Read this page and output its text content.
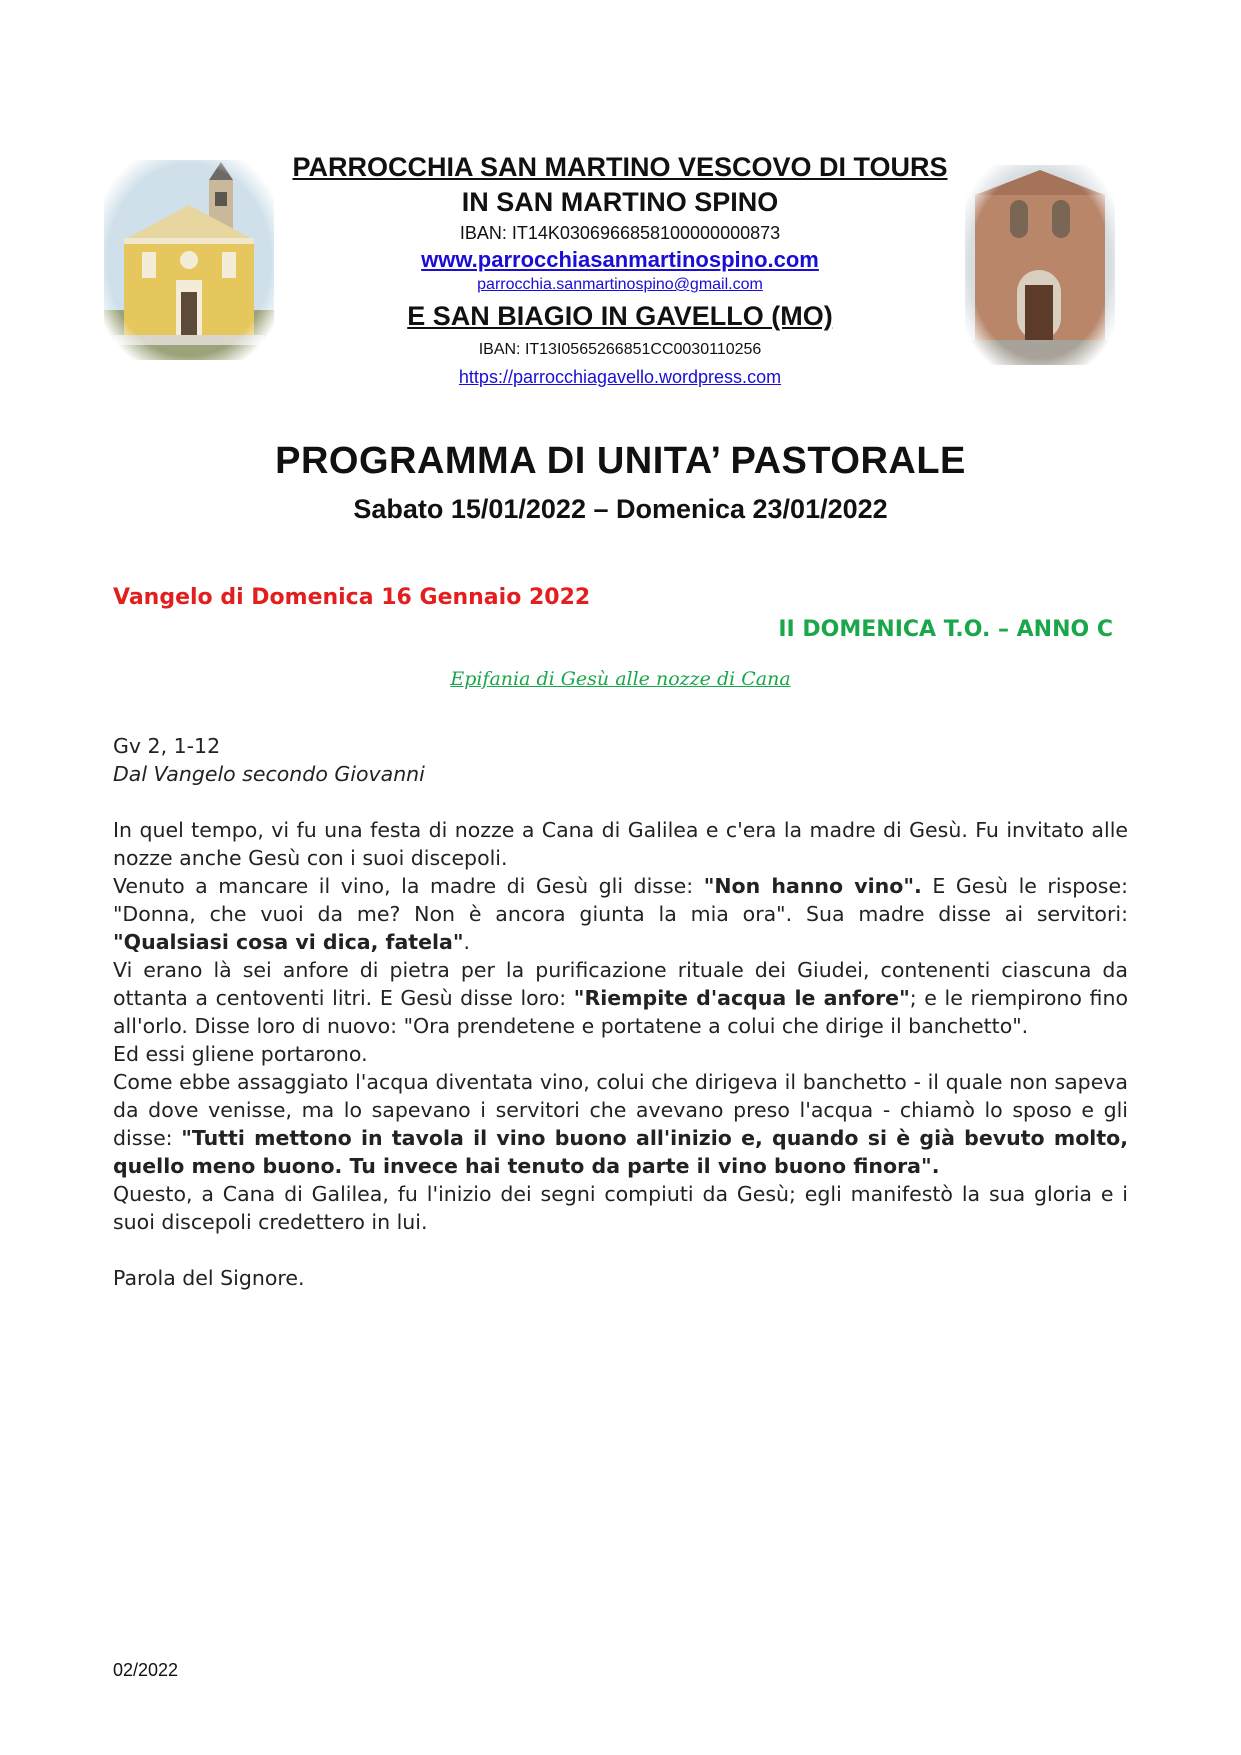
PARROCCHIA SAN MARTINO VESCOVO DI TOURS
IN SAN MARTINO SPINO
IBAN: IT14K0306966858100000000873
www.parrocchiasanmartinospino.com
parrocchia.sanmartinospino@gmail.com
E SAN BIAGIO IN GAVELLO (MO)
IBAN: IT13I0565266851CC0030110256
https://parrocchiagavello.wordpress.com
PROGRAMMA DI UNITA’ PASTORALE
Sabato 15/01/2022 – Domenica 23/01/2022
Vangelo di Domenica 16 Gennaio 2022
II DOMENICA T.O. – ANNO C
Epifania di Gesù alle nozze di Cana

Gv 2, 1-12

Dal Vangelo secondo Giovanni

In quel tempo, vi fu una festa di nozze a Cana di Galilea e c'era la madre di Gesù. Fu invitato alle nozze anche Gesù con i suoi discepoli.

Venuto a mancare il vino, la madre di Gesù gli disse: "Non hanno vino". E Gesù le rispose: "Donna, che vuoi da me? Non è ancora giunta la mia ora". Sua madre disse ai servitori: "Qualsiasi cosa vi dica, fatela".

Vi erano là sei anfore di pietra per la purificazione rituale dei Giudei, contenenti ciascuna da ottanta a centoventi litri. E Gesù disse loro: "Riempite d'acqua le anfore"; e le riempirono fino all'orlo. Disse loro di nuovo: "Ora prendetene e portatene a colui che dirige il banchetto".

Ed essi gliene portarono.

Come ebbe assaggiato l'acqua diventata vino, colui che dirigeva il banchetto - il quale non sapeva da dove venisse, ma lo sapevano i servitori che avevano preso l'acqua - chiamò lo sposo e gli disse: "Tutti mettono in tavola il vino buono all'inizio e, quando si è già bevuto molto, quello meno buono. Tu invece hai tenuto da parte il vino buono finora".

Questo, a Cana di Galilea, fu l'inizio dei segni compiuti da Gesù; egli manifestò la sua gloria e i suoi discepoli credettero in lui.

Parola del Signore.

02/2022
